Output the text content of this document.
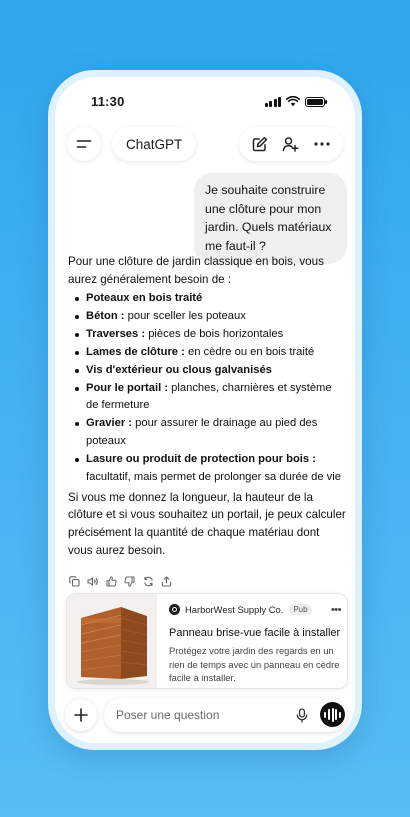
11:30
ChatGPT
Je souhaite construire une clôture pour mon jardin. Quels matériaux me faut-il ?

Pour une clôture de jardin classique en bois, vous aurez généralement besoin de :

Poteaux en bois traité
Béton : pour sceller les poteaux
Traverses : pièces de bois horizontales
Lames de clôture : en cèdre ou en bois traité
Vis d'extérieur ou clous galvanisés
Pour le portail : planches, charnières et système de fermeture
Gravier : pour assurer le drainage au pied des poteaux
Lasure ou produit de protection pour bois : facultatif, mais permet de prolonger sa durée de vie

Si vous me donnez la longueur, la hauteur de la clôture et si vous souhaitez un portail, je peux calculer précisément la quantité de chaque matériau dont vous aurez besoin.

HarborWest Supply Co.	Pub	•••
Panneau brise-vue facile à installer
Protégez votre jardin des regards en un rien de temps avec un panneau en cèdre facile à installer.
Poser une question
